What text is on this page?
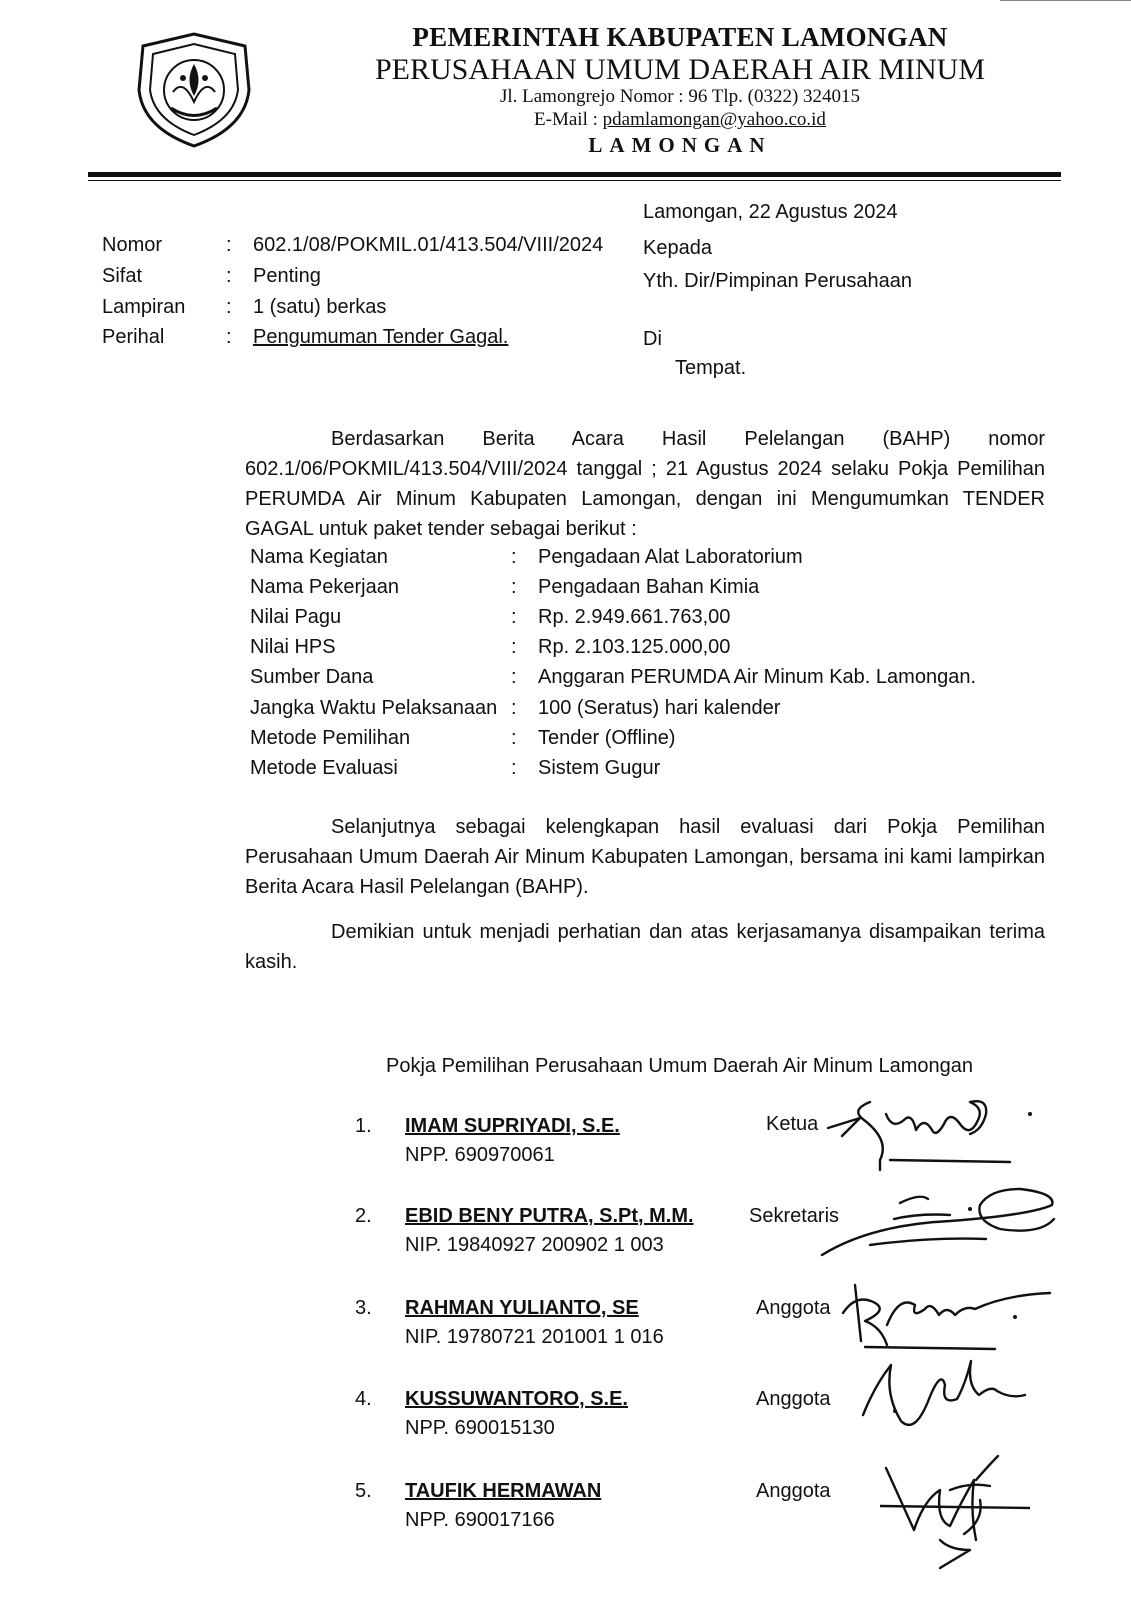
PEMERINTAH KABUPATEN LAMONGAN
PERUSAHAAN UMUM DAERAH AIR MINUM
Jl. Lamongrejo Nomor : 96 Tlp. (0322) 324015
E-Mail : pdamlamongan@yahoo.co.id
LAMONGAN
Lamongan, 22 Agustus 2024
Kepada
Yth. Dir/Pimpinan Perusahaan
Di
Tempat.
Nomor	: 602.1/08/POKMIL.01/413.504/VIII/2024
Sifat	: Penting
Lampiran : 1 (satu) berkas
Perihal	: Pengumuman Tender Gagal.
Berdasarkan Berita Acara Hasil Pelelangan (BAHP) nomor 602.1/06/POKMIL/413.504/VIII/2024 tanggal ; 21 Agustus 2024 selaku Pokja Pemilihan PERUMDA Air Minum Kabupaten Lamongan, dengan ini Mengumumkan TENDER GAGAL untuk paket tender sebagai berikut :
Nama Kegiatan	: Pengadaan Alat Laboratorium
Nama Pekerjaan	: Pengadaan Bahan Kimia
Nilai Pagu	: Rp. 2.949.661.763,00
Nilai HPS	: Rp. 2.103.125.000,00
Sumber Dana	: Anggaran PERUMDA Air Minum Kab. Lamongan.
Jangka Waktu Pelaksanaan : 100 (Seratus) hari kalender
Metode Pemilihan	: Tender (Offline)
Metode Evaluasi	: Sistem Gugur
Selanjutnya sebagai kelengkapan hasil evaluasi dari Pokja Pemilihan Perusahaan Umum Daerah Air Minum Kabupaten Lamongan, bersama ini kami lampirkan Berita Acara Hasil Pelelangan (BAHP).
Demikian untuk menjadi perhatian dan atas kerjasamanya disampaikan terima kasih.
Pokja Pemilihan Perusahaan Umum Daerah Air Minum Lamongan
1. IMAM SUPRIYADI, S.E.
NPP. 690970061
Ketua
2. EBID BENY PUTRA, S.Pt, M.M.
NIP. 19840927 200902 1 003
Sekretaris
3. RAHMAN YULIANTO, SE
NIP. 19780721 201001 1 016
Anggota
4. KUSSUWANTORO, S.E.
NPP. 690015130
Anggota
5. TAUFIK HERMAWAN
NPP. 690017166
Anggota
